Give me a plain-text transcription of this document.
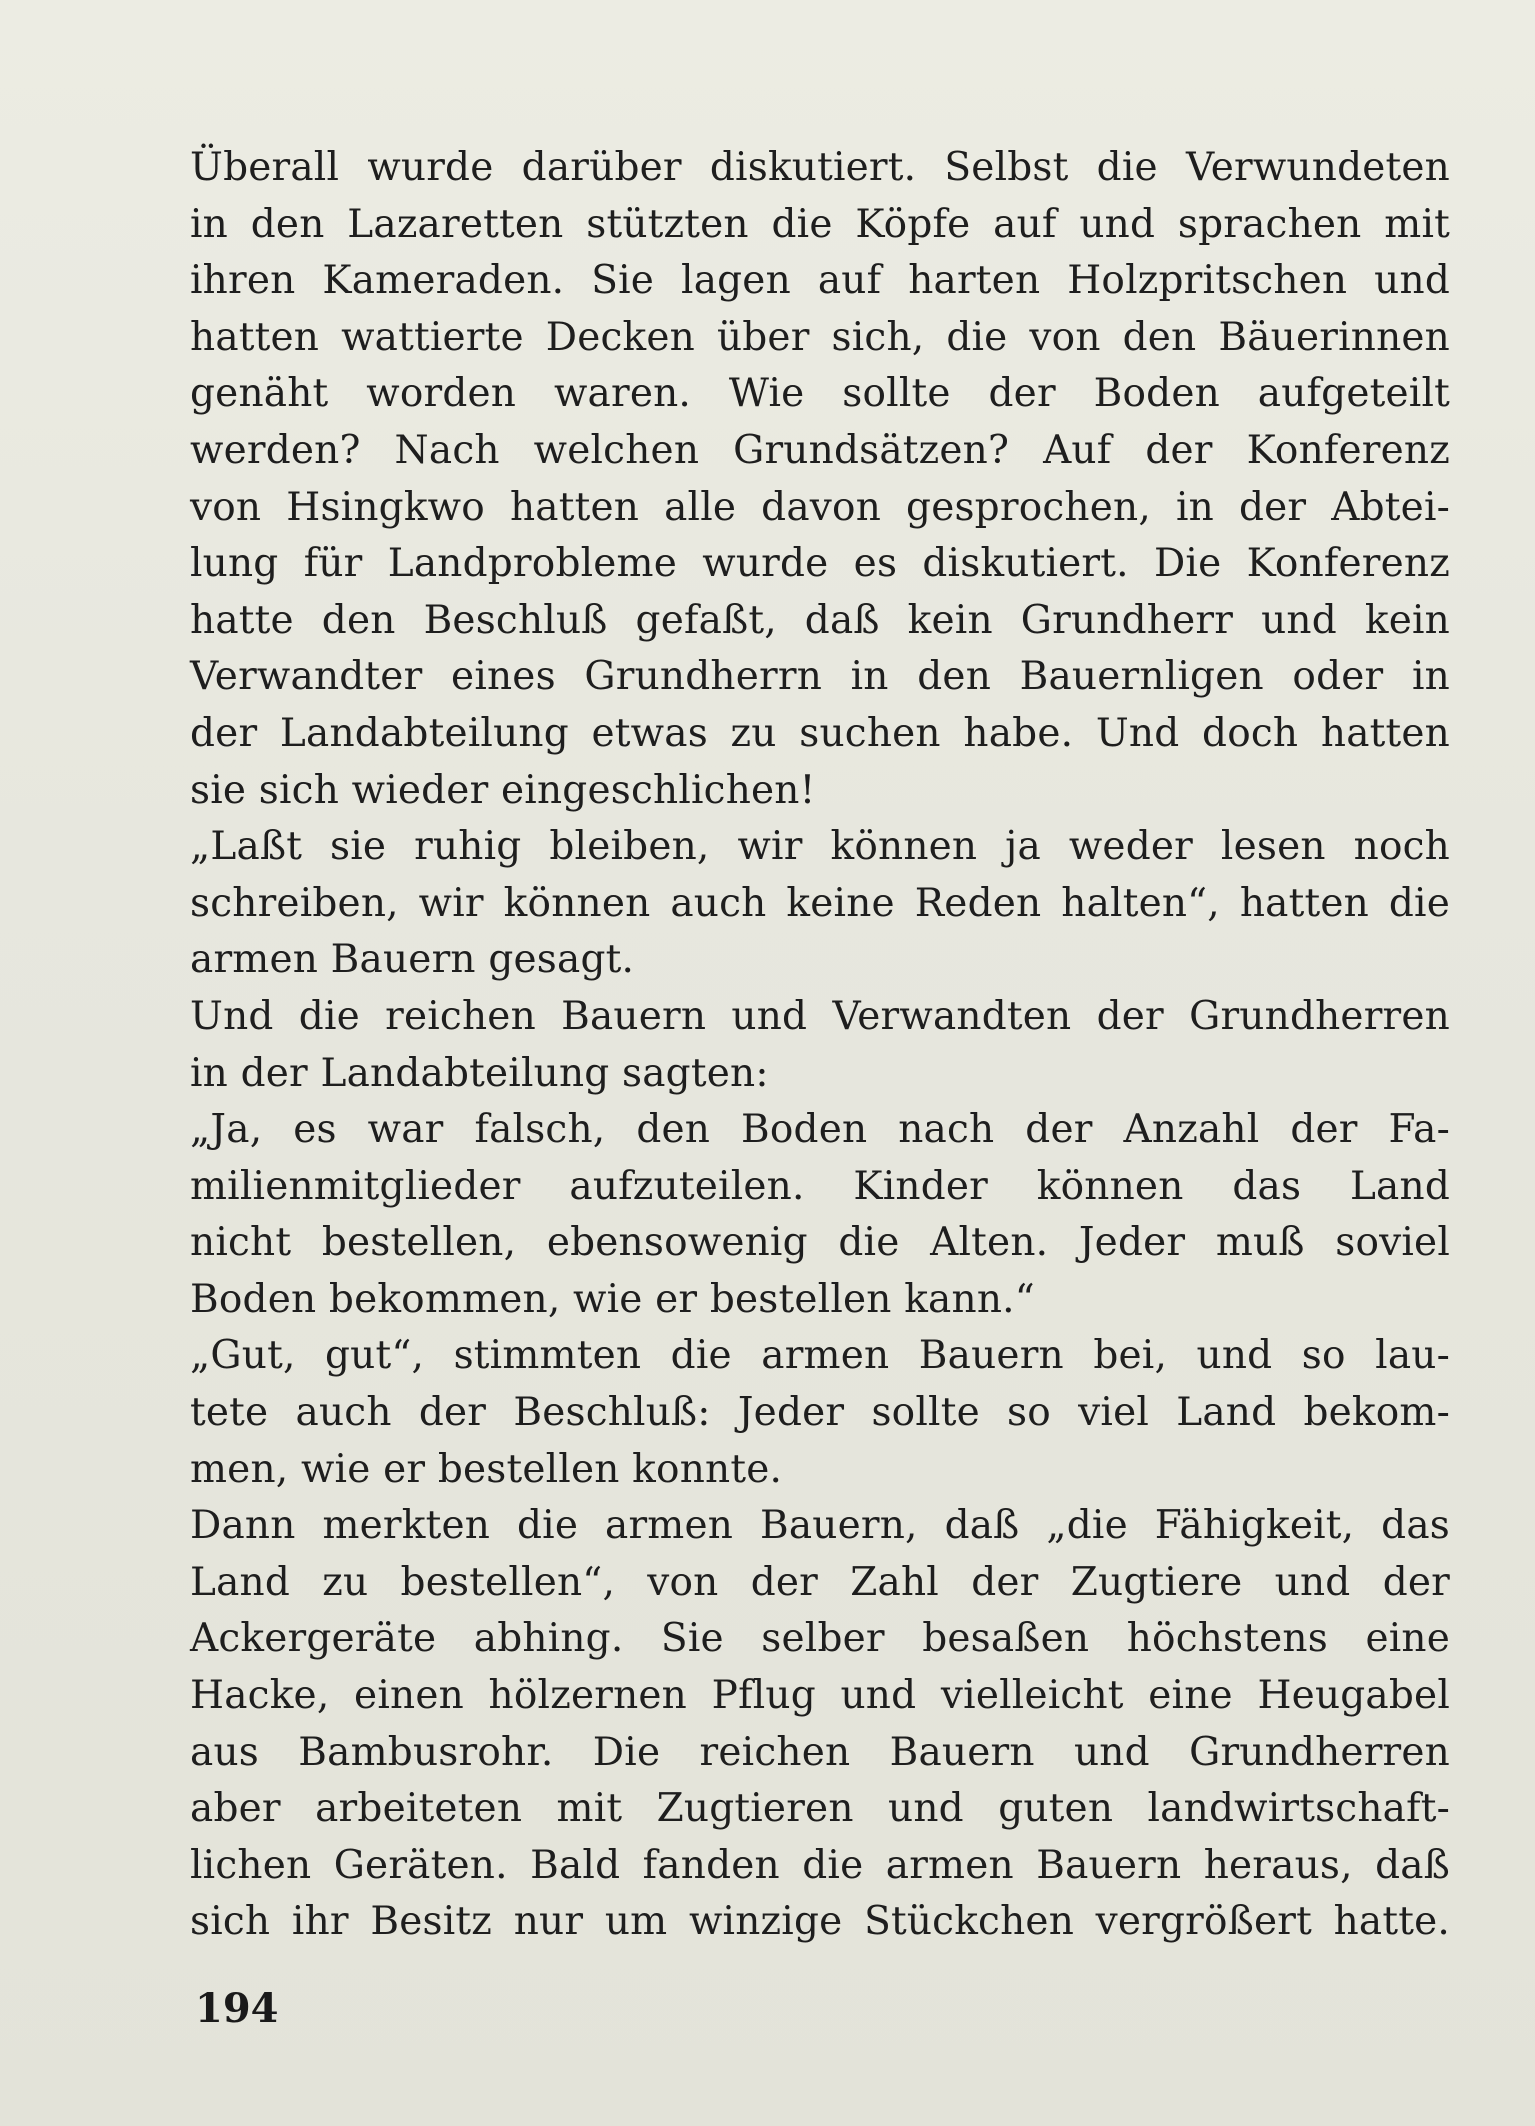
Überall wurde darüber diskutiert. Selbst die Verwundeten
in den Lazaretten stützten die Köpfe auf und sprachen mit
ihren Kameraden. Sie lagen auf harten Holzpritschen und
hatten wattierte Decken über sich, die von den Bäuerinnen
genäht worden waren. Wie sollte der Boden aufgeteilt
werden? Nach welchen Grundsätzen? Auf der Konferenz
von Hsingkwo hatten alle davon gesprochen, in der Abtei-
lung für Landprobleme wurde es diskutiert. Die Konferenz
hatte den Beschluß gefaßt, daß kein Grundherr und kein
Verwandter eines Grundherrn in den Bauernligen oder in
der Landabteilung etwas zu suchen habe. Und doch hatten
sie sich wieder eingeschlichen!
„Laßt sie ruhig bleiben, wir können ja weder lesen noch
schreiben, wir können auch keine Reden halten“, hatten die
armen Bauern gesagt.
Und die reichen Bauern und Verwandten der Grundherren
in der Landabteilung sagten:
„Ja, es war falsch, den Boden nach der Anzahl der Fa-
milienmitglieder aufzuteilen. Kinder können das Land
nicht bestellen, ebensowenig die Alten. Jeder muß soviel
Boden bekommen, wie er bestellen kann.“
„Gut, gut“, stimmten die armen Bauern bei, und so lau-
tete auch der Beschluß: Jeder sollte so viel Land bekom-
men, wie er bestellen konnte.
Dann merkten die armen Bauern, daß „die Fähigkeit, das
Land zu bestellen“, von der Zahl der Zugtiere und der
Ackergeräte abhing. Sie selber besaßen höchstens eine
Hacke, einen hölzernen Pflug und vielleicht eine Heugabel
aus Bambusrohr. Die reichen Bauern und Grundherren
aber arbeiteten mit Zugtieren und guten landwirtschaft-
lichen Geräten. Bald fanden die armen Bauern heraus, daß
sich ihr Besitz nur um winzige Stückchen vergrößert hatte.
194
